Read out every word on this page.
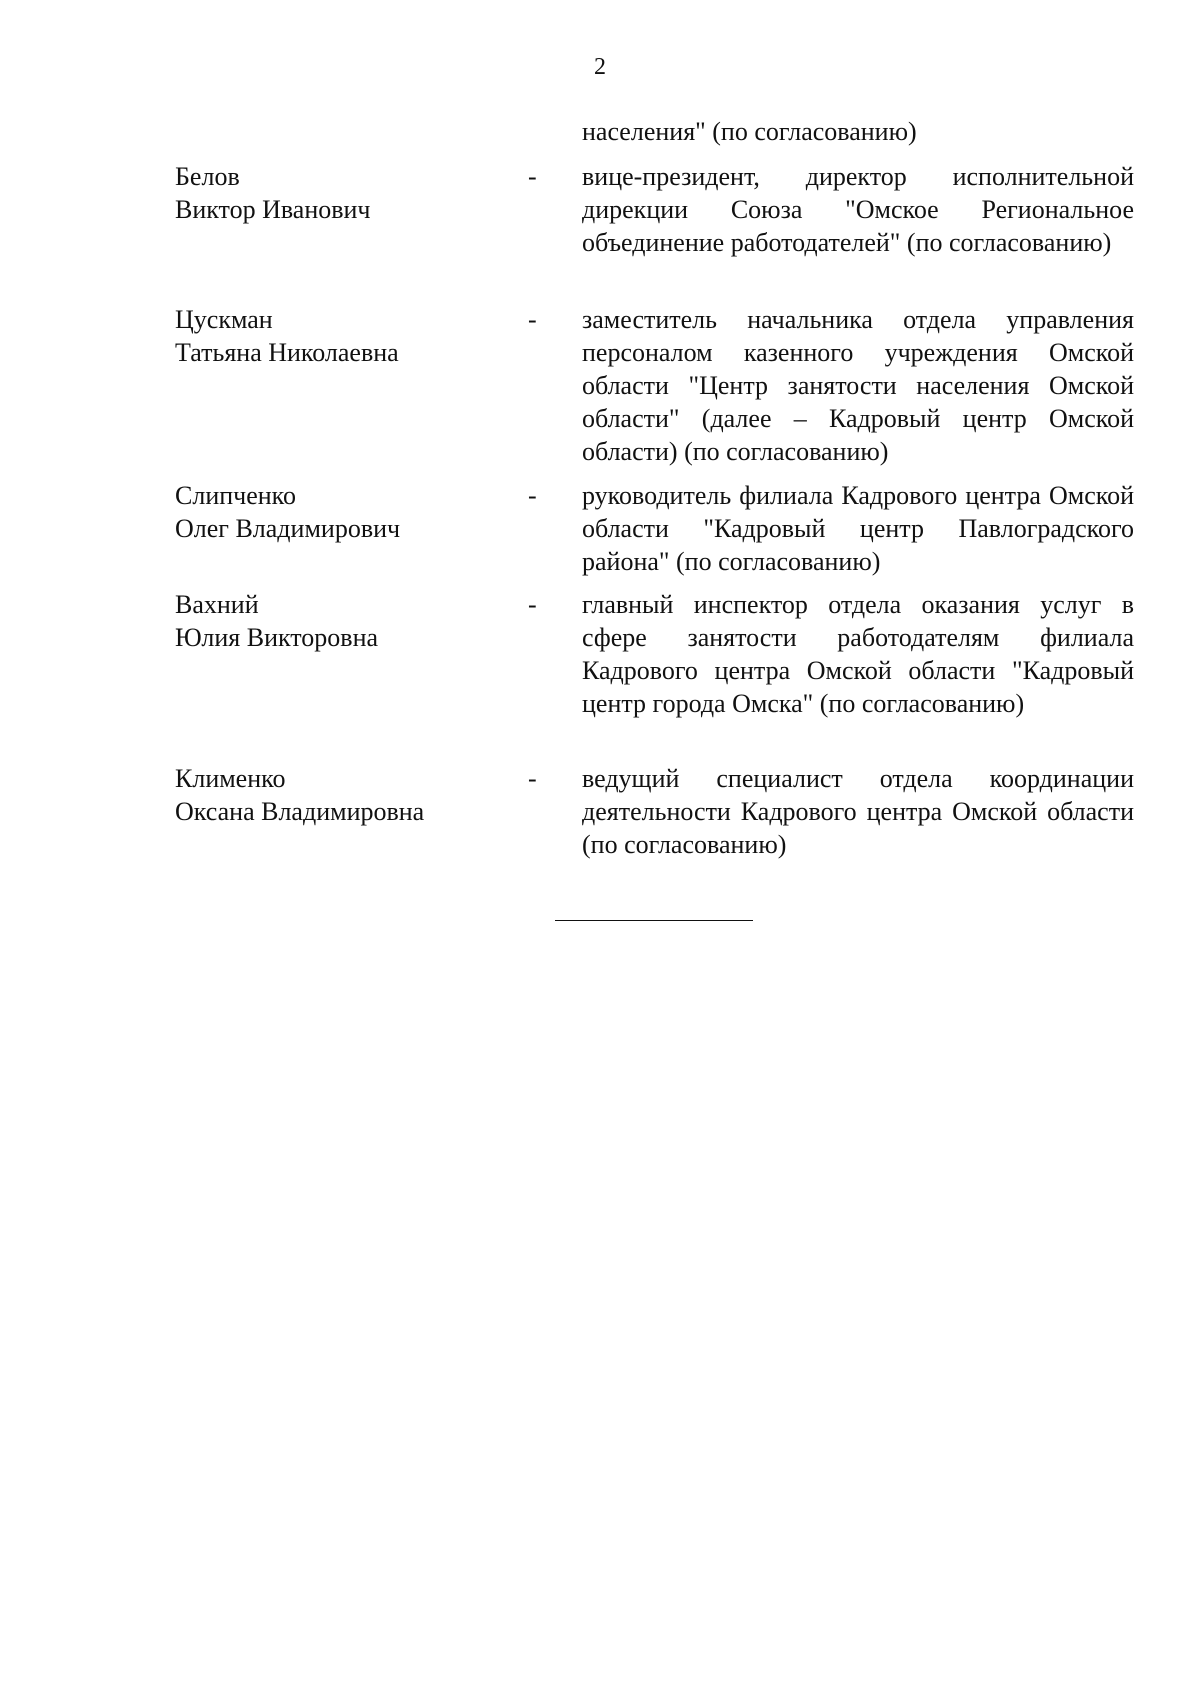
2
населения" (по согласованию)
Белов
Виктор Иванович
- вице-президент, директор исполнительной дирекции Союза "Омское Региональное объединение работодателей" (по согласованию)
Цускман
Татьяна Николаевна
- заместитель начальника отдела управления персоналом казенного учреждения Омской области "Центр занятости населения Омской области" (далее – Кадровый центр Омской области) (по согласованию)
Слипченко
Олег Владимирович
- руководитель филиала Кадрового центра Омской области "Кадровый центр Павлоградского района" (по согласованию)
Вахний
Юлия Викторовна
- главный инспектор отдела оказания услуг в сфере занятости работодателям филиала Кадрового центра Омской области "Кадровый центр города Омска" (по согласованию)
Клименко
Оксана Владимировна
- ведущий специалист отдела координации деятельности Кадрового центра Омской области (по согласованию)
